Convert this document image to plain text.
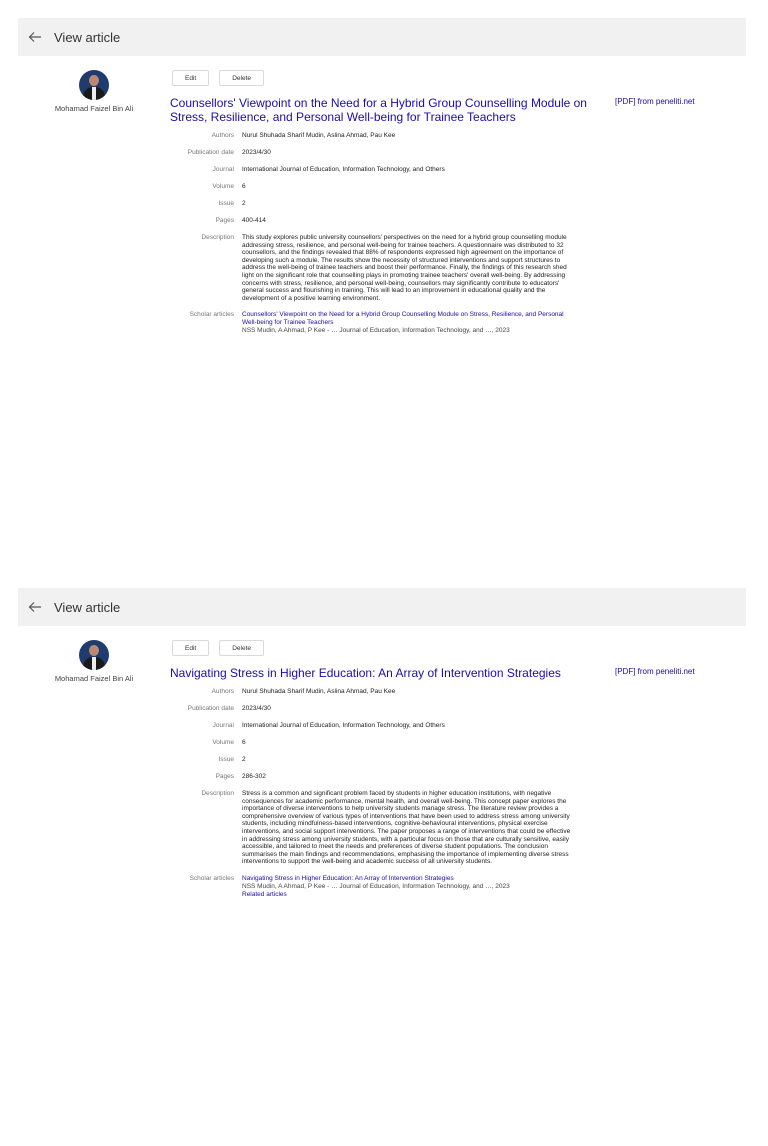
View article
Mohamad Faizel Bin Ali
Edit	Delete
Counsellors' Viewpoint on the Need for a Hybrid Group Counselling Module on Stress, Resilience, and Personal Well-being for Trainee Teachers
[PDF] from peneliti.net
Authors	Nurul Shuhada Sharif Mudin, Aslina Ahmad, Pau Kee
Publication date	2023/4/30
Journal	International Journal of Education, Information Technology, and Others
Volume	6
Issue	2
Pages	400-414
Description	This study explores public university counsellors' perspectives on the need for a hybrid group counselling module addressing stress, resilience, and personal well-being for trainee teachers. A questionnaire was distributed to 32 counsellors, and the findings revealed that 88% of respondents expressed high agreement on the importance of developing such a module. The results show the necessity of structured interventions and support structures to address the well-being of trainee teachers and boost their performance. Finally, the findings of this research shed light on the significant role that counselling plays in promoting trainee teachers' overall well-being. By addressing concerns with stress, resilience, and personal well-being, counsellors may significantly contribute to educators' general success and flourishing in training. This will lead to an improvement in educational quality and the development of a positive learning environment.
Scholar articles	Counsellors' Viewpoint on the Need for a Hybrid Group Counselling Module on Stress, Resilience, and Personal Well-being for Trainee Teachers
NSS Mudin, A Ahmad, P Kee - … Journal of Education, Information Technology, and …, 2023
View article
Mohamad Faizel Bin Ali
Edit	Delete
Navigating Stress in Higher Education: An Array of Intervention Strategies	[PDF] from peneliti.net
Authors	Nurul Shuhada Sharif Mudin, Aslina Ahmad, Pau Kee
Publication date	2023/4/30
Journal	International Journal of Education, Information Technology, and Others
Volume	6
Issue	2
Pages	286-302
Description	Stress is a common and significant problem faced by students in higher education institutions, with negative consequences for academic performance, mental health, and overall well-being. This concept paper explores the importance of diverse interventions to help university students manage stress. The literature review provides a comprehensive overview of various types of interventions that have been used to address stress among university students, including mindfulness-based interventions, cognitive-behavioural interventions, physical exercise interventions, and social support interventions. The paper proposes a range of interventions that could be effective in addressing stress among university students, with a particular focus on those that are culturally sensitive, easily accessible, and tailored to meet the needs and preferences of diverse student populations. The conclusion summarises the main findings and recommendations, emphasising the importance of implementing diverse stress interventions to support the well-being and academic success of all university students.
Scholar articles	Navigating Stress in Higher Education: An Array of Intervention Strategies
NSS Mudin, A Ahmad, P Kee - … Journal of Education, Information Technology, and …, 2023
Related articles
